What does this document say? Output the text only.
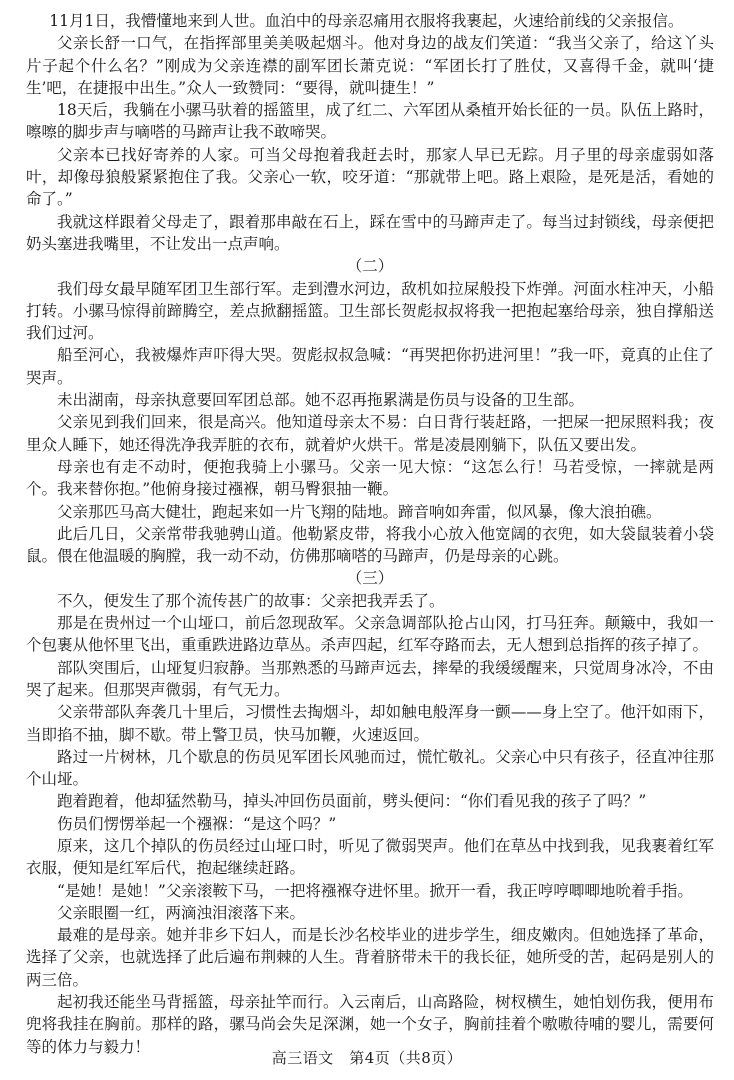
11月1日，我懵懂地来到人世。血泊中的母亲忍痛用衣服将我裹起，火速给前线的父亲报信。

父亲长舒一口气，在指挥部里美美吸起烟斗。他对身边的战友们笑道：“我当父亲了，给这丫头片子起个什么名？”刚成为父亲连襟的副军团长萧克说：“军团长打了胜仗，又喜得千金，就叫‘捷生’吧，在捷报中出生。”众人一致赞同：“要得，就叫捷生！”

18天后，我躺在小骡马驮着的摇篮里，成了红二、六军团从桑植开始长征的一员。队伍上路时，嚓嚓的脚步声与嘀嗒的马蹄声让我不敢啼哭。

父亲本已找好寄养的人家。可当父母抱着我赶去时，那家人早已无踪。月子里的母亲虚弱如落叶，却像母狼般紧紧抱住了我。父亲心一软，咬牙道：“那就带上吧。路上艰险，是死是活，看她的命了。”

我就这样跟着父母走了，跟着那串敲在石上，踩在雪中的马蹄声走了。每当过封锁线，母亲便把奶头塞进我嘴里，不让发出一点声响。

（二）

我们母女最早随军团卫生部行军。走到澧水河边，敌机如拉屎般投下炸弹。河面水柱冲天，小船打转。小骡马惊得前蹄腾空，差点掀翻摇篮。卫生部长贺彪叔叔将我一把抱起塞给母亲，独自撑船送我们过河。

船至河心，我被爆炸声吓得大哭。贺彪叔叔急喊：“再哭把你扔进河里！”我一吓，竟真的止住了哭声。

未出湖南，母亲执意要回军团总部。她不忍再拖累满是伤员与设备的卫生部。

父亲见到我们回来，很是高兴。他知道母亲太不易：白日背行装赶路，一把屎一把尿照料我；夜里众人睡下，她还得洗净我弄脏的衣布，就着炉火烘干。常是凌晨刚躺下，队伍又要出发。

母亲也有走不动时，便抱我骑上小骡马。父亲一见大惊：“这怎么行！马若受惊，一摔就是两个。我来替你抱。”他俯身接过襁褓，朝马臀狠抽一鞭。

父亲那匹马高大健壮，跑起来如一片飞翔的陆地。蹄音响如奔雷，似风暴，像大浪拍礁。

此后几日，父亲常带我驰骋山道。他勒紧皮带，将我小心放入他宽阔的衣兜，如大袋鼠装着小袋鼠。偎在他温暖的胸膛，我一动不动，仿佛那嘀嗒的马蹄声，仍是母亲的心跳。

（三）

不久，便发生了那个流传甚广的故事：父亲把我弄丢了。

那是在贵州过一个山垭口，前后忽现敌军。父亲急调部队抢占山冈，打马狂奔。颠簸中，我如一个包裹从他怀里飞出，重重跌进路边草丛。杀声四起，红军夺路而去，无人想到总指挥的孩子掉了。

部队突围后，山垭复归寂静。当那熟悉的马蹄声远去，摔晕的我缓缓醒来，只觉周身冰冷，不由哭了起来。但那哭声微弱，有气无力。

父亲带部队奔袭几十里后，习惯性去掏烟斗，却如触电般浑身一颤——身上空了。他汗如雨下，当即掐不抽，脚不歇。带上警卫员，快马加鞭，火速返回。

路过一片树林，几个歇息的伤员见军团长风驰而过，慌忙敬礼。父亲心中只有孩子，径直冲往那个山垭。

跑着跑着，他却猛然勒马，掉头冲回伤员面前，劈头便问：“你们看见我的孩子了吗？”

伤员们愣愣举起一个襁褓：“是这个吗？”

原来，这几个掉队的伤员经过山垭口时，听见了微弱哭声。他们在草丛中找到我，见我裹着红军衣服，便知是红军后代，抱起继续赶路。

“是她！是她！”父亲滚鞍下马，一把将襁褓夺进怀里。掀开一看，我正哼哼唧唧地吮着手指。

父亲眼圈一红，两滴浊泪滚落下来。

最难的是母亲。她并非乡下妇人，而是长沙名校毕业的进步学生，细皮嫩肉。但她选择了革命，选择了父亲，也就选择了此后遍布荆棘的人生。背着脐带未干的我长征，她所受的苦，起码是别人的两三倍。

起初我还能坐马背摇篮，母亲扯竿而行。入云南后，山高路险，树杈横生，她怕划伤我，便用布兜将我挂在胸前。那样的路，骡马尚会失足深渊，她一个女子，胸前挂着个嗷嗷待哺的婴儿，需要何等的体力与毅力！

高三语文　第4页（共8页）
